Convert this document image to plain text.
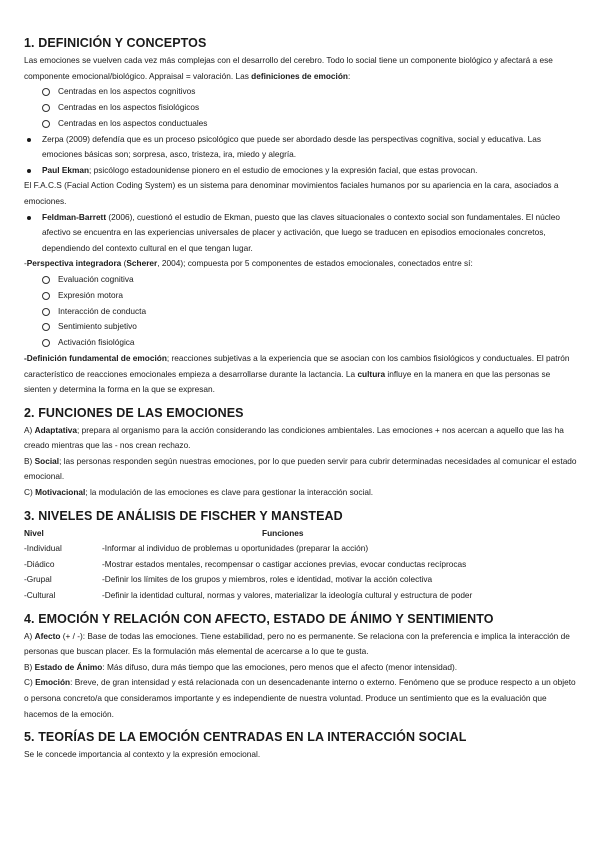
1. DEFINICIÓN Y CONCEPTOS

Las emociones se vuelven cada vez más complejas con el desarrollo del cerebro. Todo lo social tiene un componente biológico y afectará a ese componente emocional/biológico. Appraisal = valoración. Las definiciones de emoción:

Centradas en los aspectos cognitivos
Centradas en los aspectos fisiológicos
Centradas en los aspectos conductuales
Zerpa (2009) defendía que es un proceso psicológico que puede ser abordado desde las perspectivas cognitiva, social y educativa. Las emociones básicas son; sorpresa, asco, tristeza, ira, miedo y alegría.
Paul Ekman; psicólogo estadounidense pionero en el estudio de emociones y la expresión facial, que estas provocan.

El F.A.C.S (Facial Action Coding System) es un sistema para denominar movimientos faciales humanos por su apariencia en la cara, asociados a emociones.

Feldman-Barrett (2006), cuestionó el estudio de Ekman, puesto que las claves situacionales o contexto social son fundamentales. El núcleo afectivo se encuentra en las experiencias universales de placer y activación, que luego se traducen en episodios emocionales concretos, dependiendo del contexto cultural en el que tengan lugar.

-Perspectiva integradora (Scherer, 2004); compuesta por 5 componentes de estados emocionales, conectados entre sí:

Evaluación cognitiva
Expresión motora
Interacción de conducta
Sentimiento subjetivo
Activación fisiológica

-Definición fundamental de emoción; reacciones subjetivas a la experiencia que se asocian con los cambios fisiológicos y conductuales. El patrón característico de reacciones emocionales empieza a desarrollarse durante la lactancia. La cultura influye en la manera en que las personas se sienten y determina la forma en la que se expresan.

2. FUNCIONES DE LAS EMOCIONES

A) Adaptativa; prepara al organismo para la acción considerando las condiciones ambientales. Las emociones + nos acercan a aquello que las ha creado mientras que las - nos crean rechazo.

B) Social; las personas responden según nuestras emociones, por lo que pueden servir para cubrir determinadas necesidades al comunicar el estado emocional.

C) Motivacional; la modulación de las emociones es clave para gestionar la interacción social.

3. NIVELES DE ANÁLISIS DE FISCHER Y MANSTEAD
Nivel	Funciones
-Individual	-Informar al individuo de problemas u oportunidades (preparar la acción)
-Diádico	-Mostrar estados mentales, recompensar o castigar acciones previas, evocar conductas recíprocas
-Grupal	-Definir los límites de los grupos y miembros, roles e identidad, motivar la acción colectiva
-Cultural	-Definir la identidad cultural, normas y valores, materializar la ideología cultural y estructura de poder
4. EMOCIÓN Y RELACIÓN CON AFECTO, ESTADO DE ÁNIMO Y SENTIMIENTO

A) Afecto (+ / -): Base de todas las emociones. Tiene estabilidad, pero no es permanente. Se relaciona con la preferencia e implica la interacción de personas que buscan placer. Es la formulación más elemental de acercarse a lo que te gusta.

B) Estado de Ánimo: Más difuso, dura más tiempo que las emociones, pero menos que el afecto (menor intensidad).

C) Emoción: Breve, de gran intensidad y está relacionada con un desencadenante interno o externo. Fenómeno que se produce respecto a un objeto o persona concreto/a que consideramos importante y es independiente de nuestra voluntad. Produce un sentimiento que es la evaluación que hacemos de la emoción.

5. TEORÍAS DE LA EMOCIÓN CENTRADAS EN LA INTERACCIÓN SOCIAL

Se le concede importancia al contexto y la expresión emocional.
